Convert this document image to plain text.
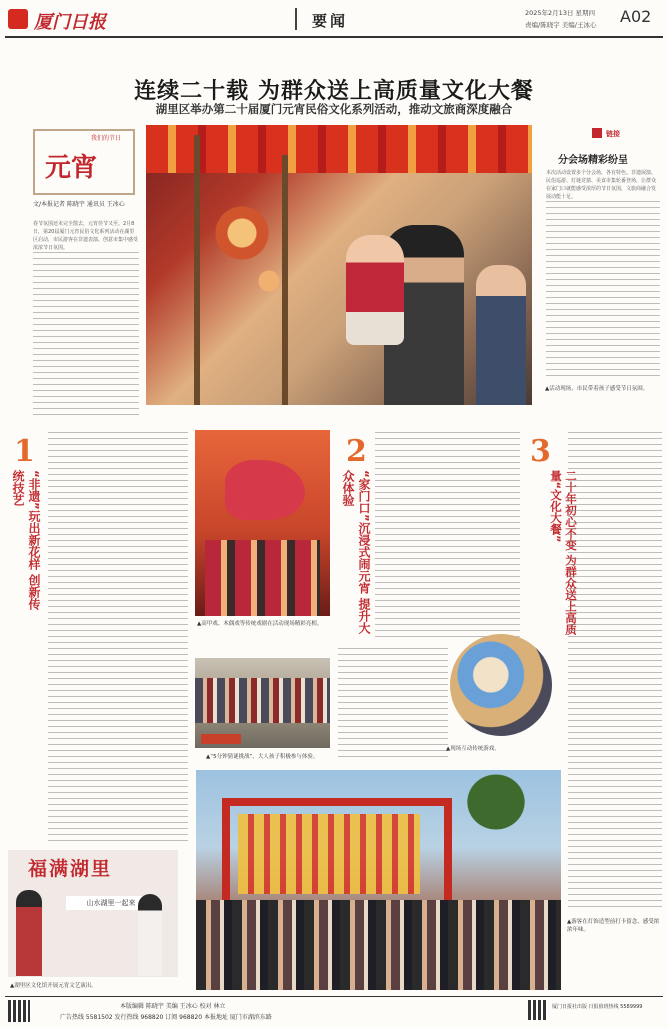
厦门日报	要闻	2025年2月13日 星期四
责编/陈晓宇 美编/王冰心 A02
连续二十载 为群众送上高质量文化大餐
湖里区举办第二十届厦门元宵民俗文化系列活动，推动文旅商深度融合
我们的节日
元宵
文/本报记者 陈晓宇 通讯员 王冰心
春节氛围还未完全散去，元宵佳节又至。2月8日，第20届厦门元宵民俗文化系列活动在湖里区启动，市民游客在非遗表演、创意市集中感受浓浓节日氛围。
▲活动现场，市民带着孩子感受节日氛围。
链接
分会场精彩纷呈
本次活动设置多个分会场，各有特色。非遗展演、民俗巡游、灯谜竞猜、美食市集轮番登场，让群众在家门口就能感受浓厚的节日氛围，文旅商融合发展动能十足。
1
“非遗”玩出新花样 创新传统技艺
▲高甲戏、木偶戏等传统戏剧在活动现场精彩亮相。
▲“5分钟猜谜挑战”，大人孩子积极参与体验。
2
“家门口”沉浸式闹元宵 提升大众体验
▲现场互动传统游戏。
3
二十年初心不变 为群众送上高质量“文化大餐”
福满湖里
山水湖里一起来
▲湖里区文化馆开展元宵文艺演出。
▲游客在灯饰造型前打卡留念，感受浓浓年味。
本版编辑 陈晓宇 美编 王冰心 校对 林立
广告热线 5581502 发行热线 968820 订阅 968820 本报地址 厦门市湖滨东路
厦门日报社出版 日报值班热线 5589999
